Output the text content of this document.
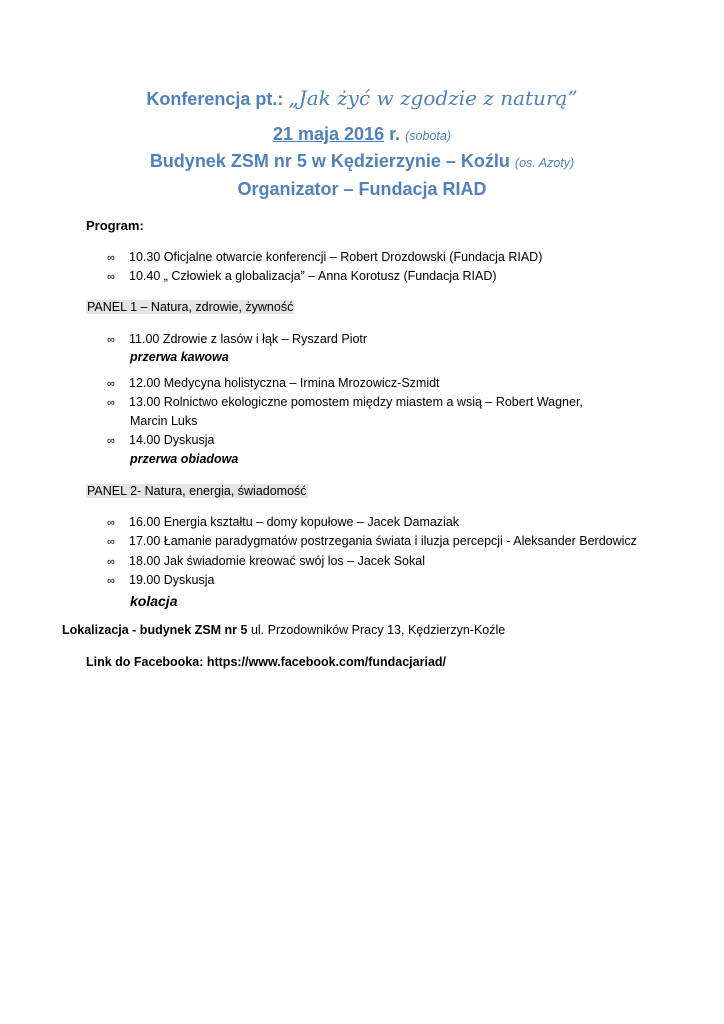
Konferencja pt.: „Jak żyć w zgodzie z naturą”
21 maja 2016 r. (sobota)
Budynek ZSM nr 5 w Kędzierzynie – Koźlu (os. Azoty)
Organizator – Fundacja RIAD
Program:
∞ 10.30 Oficjalne otwarcie konferencji – Robert Drozdowski (Fundacja RIAD)
∞ 10.40 „ Człowiek a globalizacja” – Anna Korotusz (Fundacja RIAD)
PANEL 1 – Natura, zdrowie, żywność
∞ 11.00 Zdrowie z lasów i łąk – Ryszard Piotr
przerwa kawowa
∞ 12.00 Medycyna holistyczna – Irmina Mrozowicz-Szmidt
∞ 13.00 Rolnictwo ekologiczne pomostem między miastem a wsią – Robert Wagner,
Marcin Luks
∞ 14.00 Dyskusja
przerwa obiadowa
PANEL 2- Natura, energia, świadomość
∞ 16.00 Energia kształtu – domy kopułowe – Jacek Damaziak
∞ 17.00 Łamanie paradygmatów postrzegania świata i iluzja percepcji - Aleksander Berdowicz
∞ 18.00 Jak świadomie kreować swój los – Jacek Sokal
∞ 19.00 Dyskusja
kolacja
Lokalizacja - budynek ZSM nr 5 ul. Przodowników Pracy 13, Kędzierzyn-Koźle
Link do Facebooka: https://www.facebook.com/fundacjariad/
